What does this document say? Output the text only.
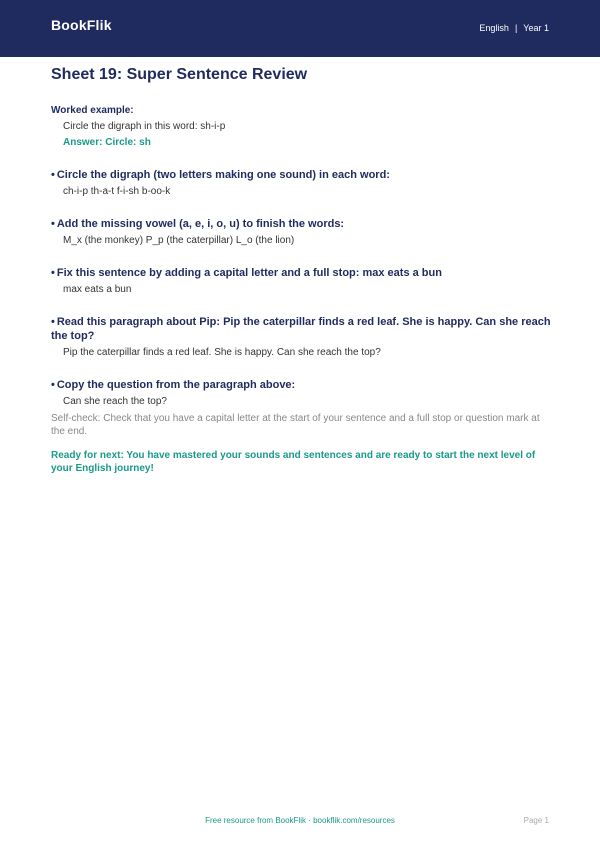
BookFlik	English | Year 1
Sheet 19: Super Sentence Review

Worked example:

Circle the digraph in this word: sh-i-p

Answer: Circle: sh

• Circle the digraph (two letters making one sound) in each word:

ch-i-p th-a-t f-i-sh b-oo-k

• Add the missing vowel (a, e, i, o, u) to finish the words:

M_x (the monkey) P_p (the caterpillar) L_o (the lion)

• Fix this sentence by adding a capital letter and a full stop: max eats a bun

max eats a bun

• Read this paragraph about Pip: Pip the caterpillar finds a red leaf. She is happy. Can she reach the top?

Pip the caterpillar finds a red leaf. She is happy. Can she reach the top?

• Copy the question from the paragraph above:

Can she reach the top?

Self-check: Check that you have a capital letter at the start of your sentence and a full stop or question mark at the end.

Ready for next: You have mastered your sounds and sentences and are ready to start the next level of your English journey!

Free resource from BookFlik · bookflik.com/resources	Page 1
